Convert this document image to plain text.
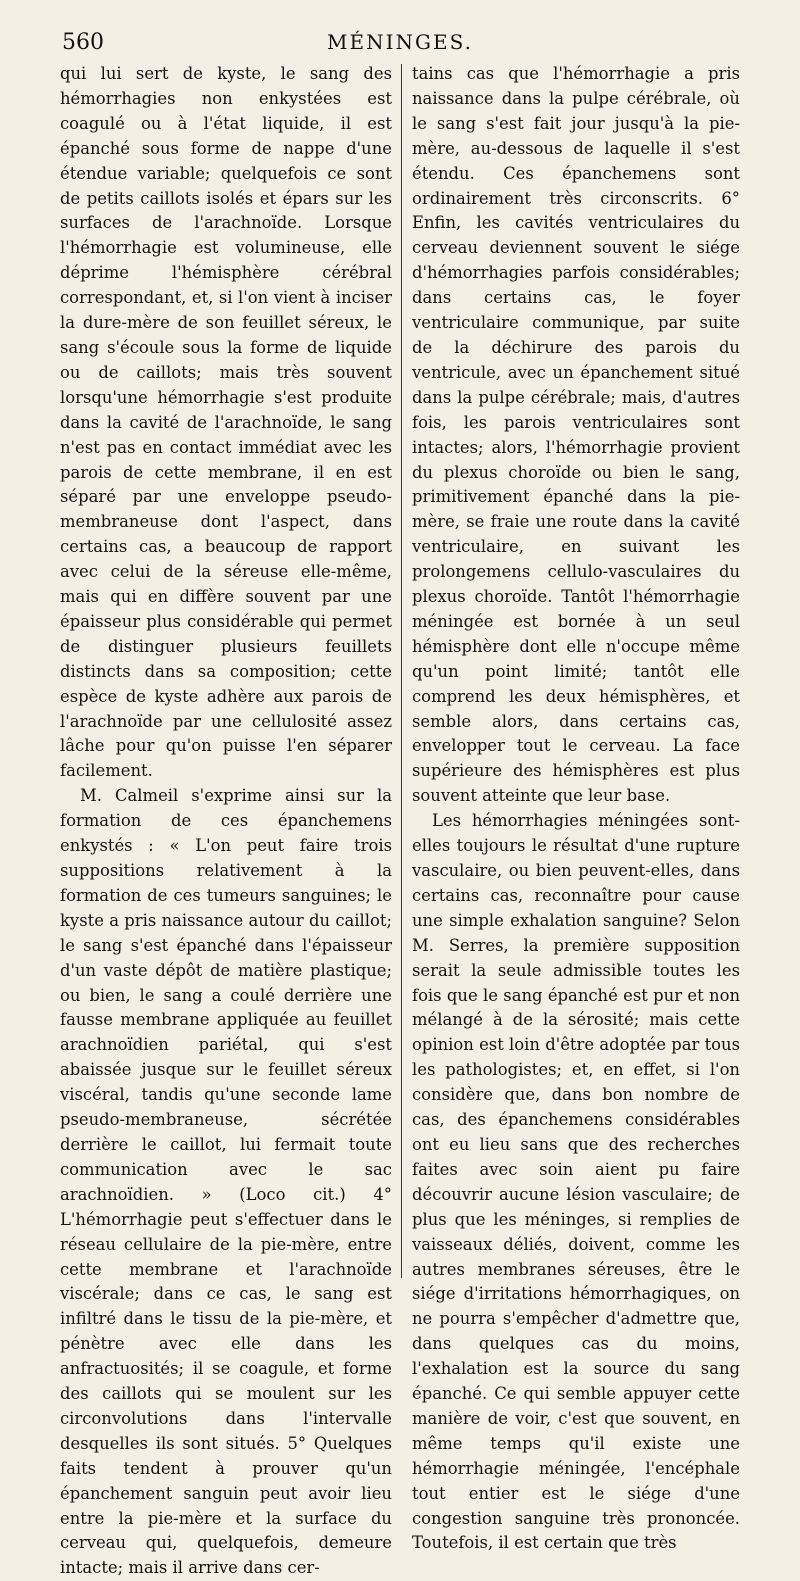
560	MÉNINGES.

qui lui sert de kyste, le sang des hémorrhagies non enkystées est coagulé ou à l'état liquide, il est épanché sous forme de nappe d'une étendue variable; quelquefois ce sont de petits caillots isolés et épars sur les surfaces de l'arachnoïde. Lorsque l'hémorrhagie est volumineuse, elle déprime l'hémisphère cérébral correspondant, et, si l'on vient à inciser la dure-mère de son feuillet séreux, le sang s'écoule sous la forme de liquide ou de caillots; mais très souvent lorsqu'une hémorrhagie s'est produite dans la cavité de l'arachnoïde, le sang n'est pas en contact immédiat avec les parois de cette membrane, il en est séparé par une enveloppe pseudo-membraneuse dont l'aspect, dans certains cas, a beaucoup de rapport avec celui de la séreuse elle-même, mais qui en diffère souvent par une épaisseur plus considérable qui permet de distinguer plusieurs feuillets distincts dans sa composition; cette espèce de kyste adhère aux parois de l'arachnoïde par une cellulosité assez lâche pour qu'on puisse l'en séparer facilement.

M. Calmeil s'exprime ainsi sur la formation de ces épanchemens enkystés : « L'on peut faire trois suppositions relativement à la formation de ces tumeurs sanguines; le kyste a pris naissance autour du caillot; le sang s'est épanché dans l'épaisseur d'un vaste dépôt de matière plastique; ou bien, le sang a coulé derrière une fausse membrane appliquée au feuillet arachnoïdien pariétal, qui s'est abaissée jusque sur le feuillet séreux viscéral, tandis qu'une seconde lame pseudo-membraneuse, sécrétée derrière le caillot, lui fermait toute communication avec le sac arachnoïdien. » (Loco cit.) 4° L'hémorrhagie peut s'effectuer dans le réseau cellulaire de la pie-mère, entre cette membrane et l'arachnoïde viscérale; dans ce cas, le sang est infiltré dans le tissu de la pie-mère, et pénètre avec elle dans les anfractuosités; il se coagule, et forme des caillots qui se moulent sur les circonvolutions dans l'intervalle desquelles ils sont situés. 5° Quelques faits tendent à prouver qu'un épanchement sanguin peut avoir lieu entre la pie-mère et la surface du cerveau qui, quelquefois, demeure intacte; mais il arrive dans cer-

tains cas que l'hémorrhagie a pris naissance dans la pulpe cérébrale, où le sang s'est fait jour jusqu'à la pie-mère, au-dessous de laquelle il s'est étendu. Ces épanchemens sont ordinairement très circonscrits. 6° Enfin, les cavités ventriculaires du cerveau deviennent souvent le siége d'hémorrhagies parfois considérables; dans certains cas, le foyer ventriculaire communique, par suite de la déchirure des parois du ventricule, avec un épanchement situé dans la pulpe cérébrale; mais, d'autres fois, les parois ventriculaires sont intactes; alors, l'hémorrhagie provient du plexus choroïde ou bien le sang, primitivement épanché dans la pie-mère, se fraie une route dans la cavité ventriculaire, en suivant les prolongemens cellulo-vasculaires du plexus choroïde. Tantôt l'hémorrhagie méningée est bornée à un seul hémisphère dont elle n'occupe même qu'un point limité; tantôt elle comprend les deux hémisphères, et semble alors, dans certains cas, envelopper tout le cerveau. La face supérieure des hémisphères est plus souvent atteinte que leur base.

Les hémorrhagies méningées sont-elles toujours le résultat d'une rupture vasculaire, ou bien peuvent-elles, dans certains cas, reconnaître pour cause une simple exhalation sanguine? Selon M. Serres, la première supposition serait la seule admissible toutes les fois que le sang épanché est pur et non mélangé à de la sérosité; mais cette opinion est loin d'être adoptée par tous les pathologistes; et, en effet, si l'on considère que, dans bon nombre de cas, des épanchemens considérables ont eu lieu sans que des recherches faites avec soin aient pu faire découvrir aucune lésion vasculaire; de plus que les méninges, si remplies de vaisseaux déliés, doivent, comme les autres membranes séreuses, être le siége d'irritations hémorrhagiques, on ne pourra s'empêcher d'admettre que, dans quelques cas du moins, l'exhalation est la source du sang épanché. Ce qui semble appuyer cette manière de voir, c'est que souvent, en même temps qu'il existe une hémorrhagie méningée, l'encéphale tout entier est le siége d'une congestion sanguine très prononcée. Toutefois, il est certain que très
